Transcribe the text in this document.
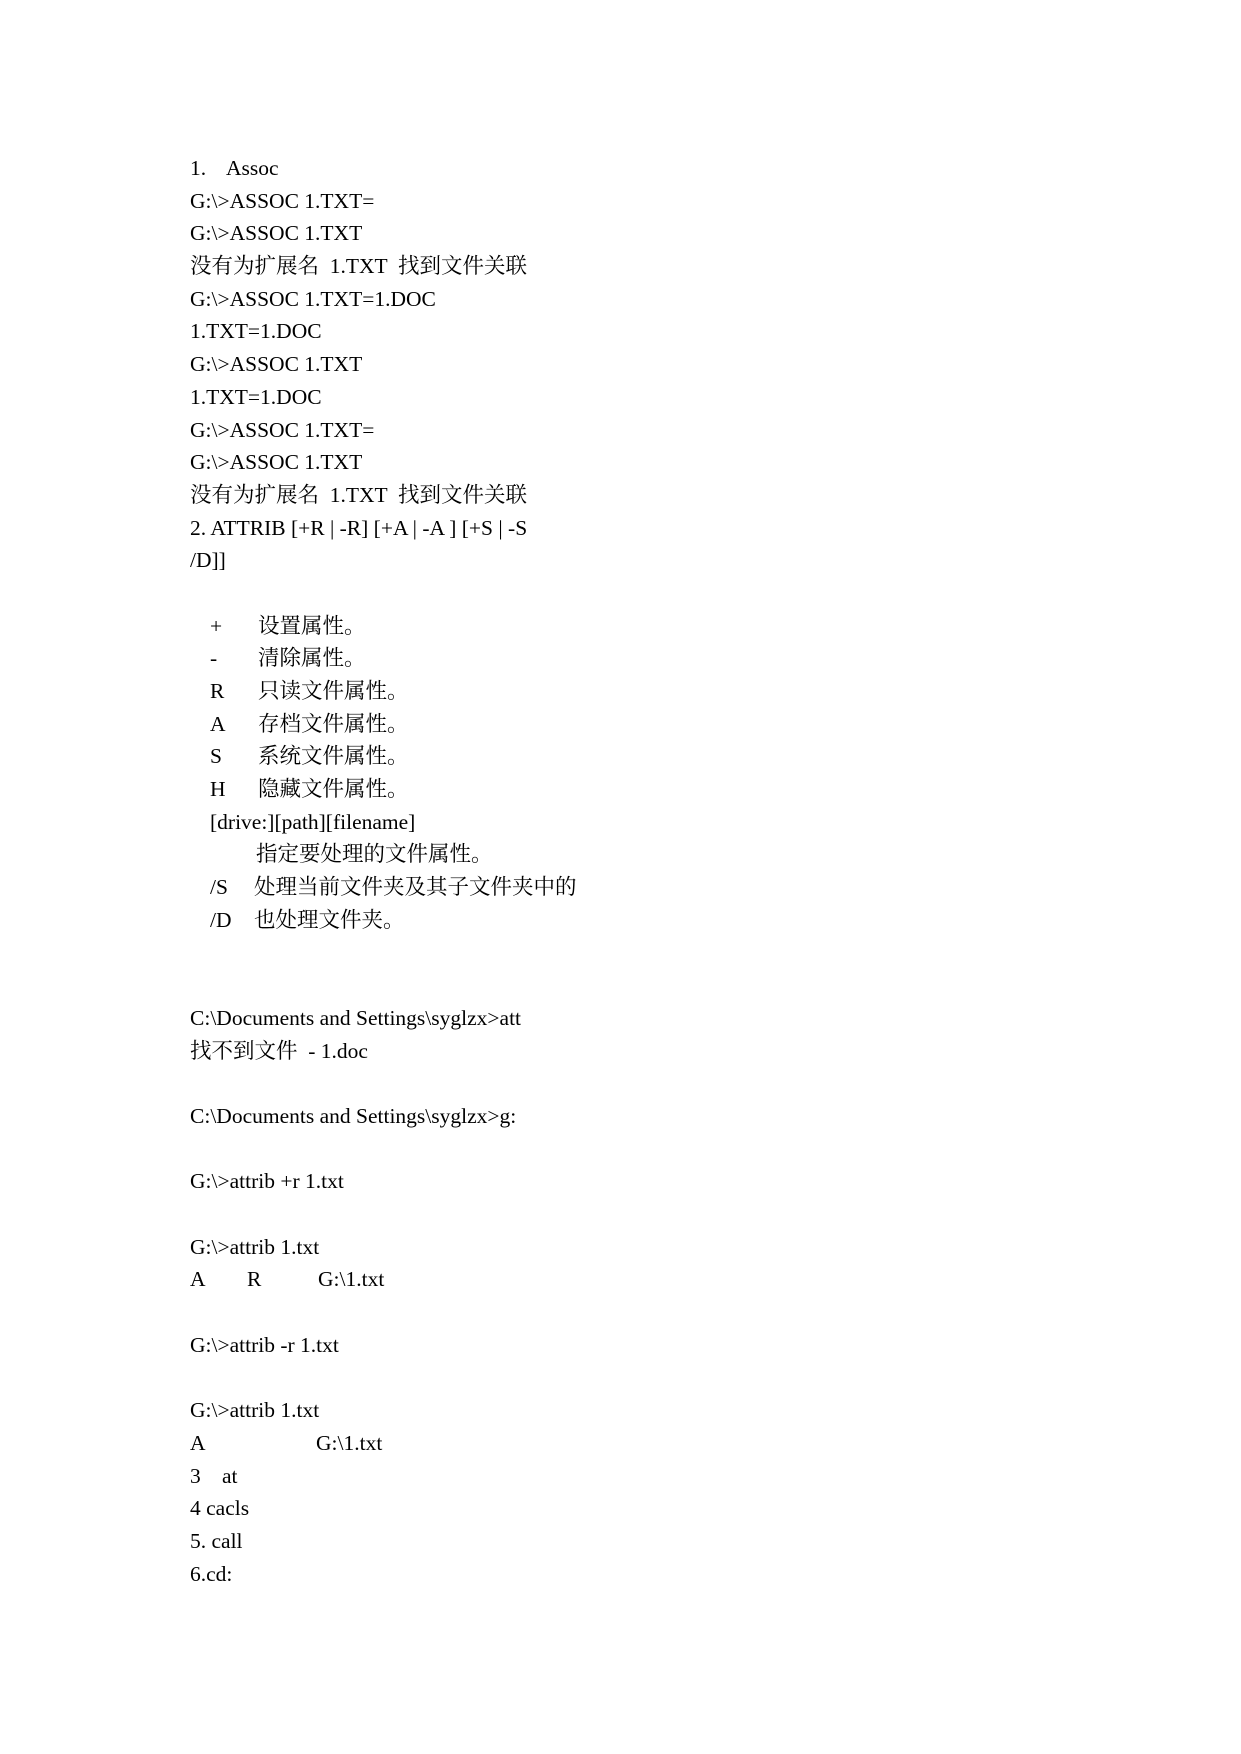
1. Assoc
G:\>ASSOC 1.TXT=
G:\>ASSOC 1.TXT
没有为扩展名  1.TXT  找到文件关联
G:\>ASSOC 1.TXT=1.DOC
1.TXT=1.DOC
G:\>ASSOC 1.TXT
1.TXT=1.DOC
G:\>ASSOC 1.TXT=
G:\>ASSOC 1.TXT
没有为扩展名  1.TXT  找到文件关联
2. ATTRIB [+R | -R] [+A | -A ] [+S | -S
/D]]
+ 设置属性。
- 清除属性。
R 只读文件属性。
A 存档文件属性。
S 系统文件属性。
H 隐藏文件属性。
[drive:][path][filename]
指定要处理的文件属性。
/S 处理当前文件夹及其子文件夹中的
/D 也处理文件夹。
C:\Documents and Settings\syglzx>att
找不到文件  - 1.doc
C:\Documents and Settings\syglzx>g:
G:\>attrib +r 1.txt
G:\>attrib 1.txt
A R	G:\1.txt
G:\>attrib -r 1.txt
G:\>attrib 1.txt
A	G:\1.txt
3 at
4 cacls
5. call
6.cd:
